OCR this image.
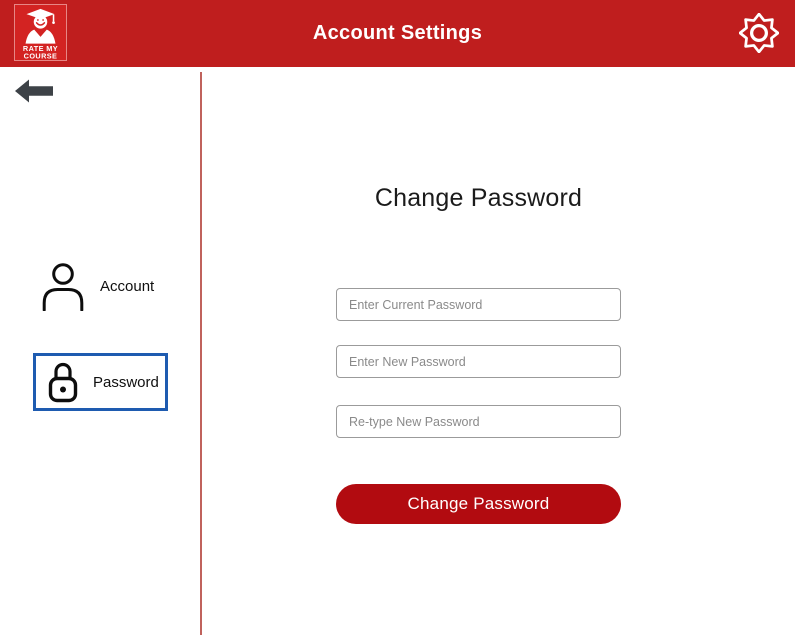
RATE MY
COURSE
Account Settings
Account
Password
Change Password
Enter Current Password
Enter New Password
Re-type New Password
Change Password
